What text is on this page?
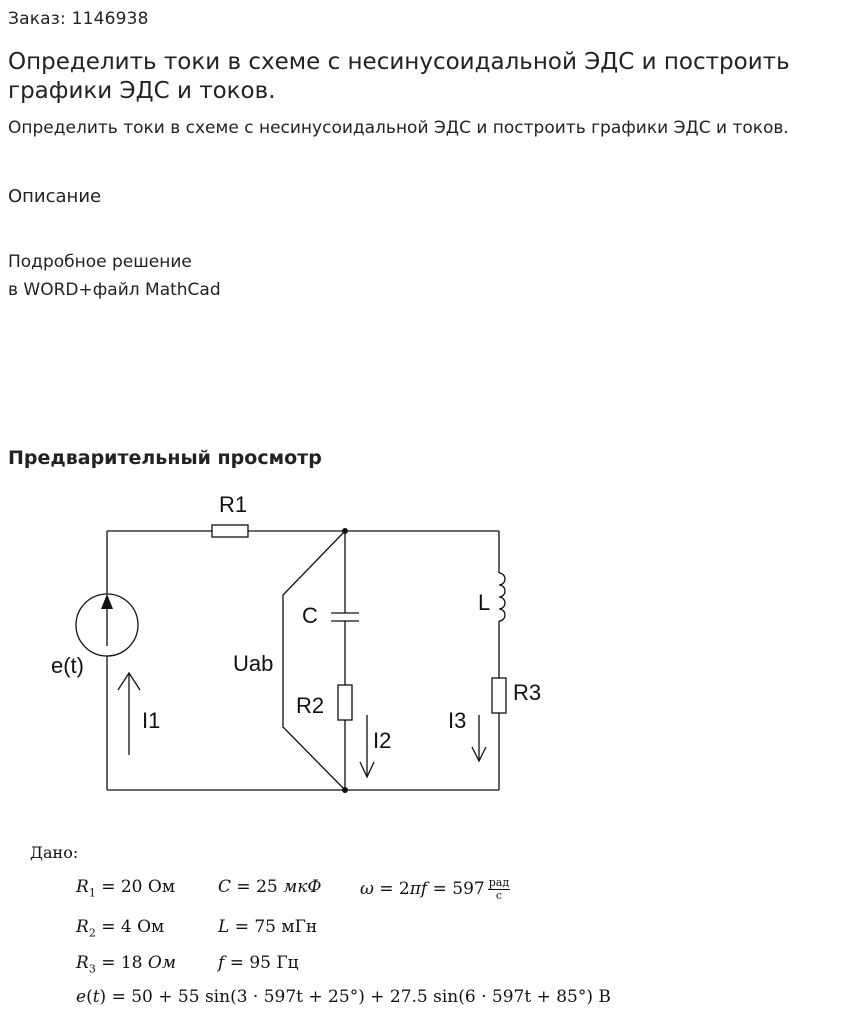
Заказ: 1146938
Определить токи в схеме с несинусоидальной ЭДС и построить графики ЭДС и токов.
Определить токи в схеме с несинусоидальной ЭДС и построить графики ЭДС и токов.
Описание
Подробное решение
в WORD+файл MathCad
Предварительный просмотр
R1
C
L
R2
R3
e(t)	Uab
I1
I2
I3
Дано:
$R_1 = 20$ Ом	C = 25 мкФ $\omega = 2\pi f = 597 \frac{\text{рад}}{с}$
$R_2 = 4$ Ом	L = 75 мГн
$R_3 = 18$ Ом f = 95 Гц
e(t) = 50 + 55 sin(3 · 597t + 25°) + 27.5 sin(6 · 597t + 85°) В
